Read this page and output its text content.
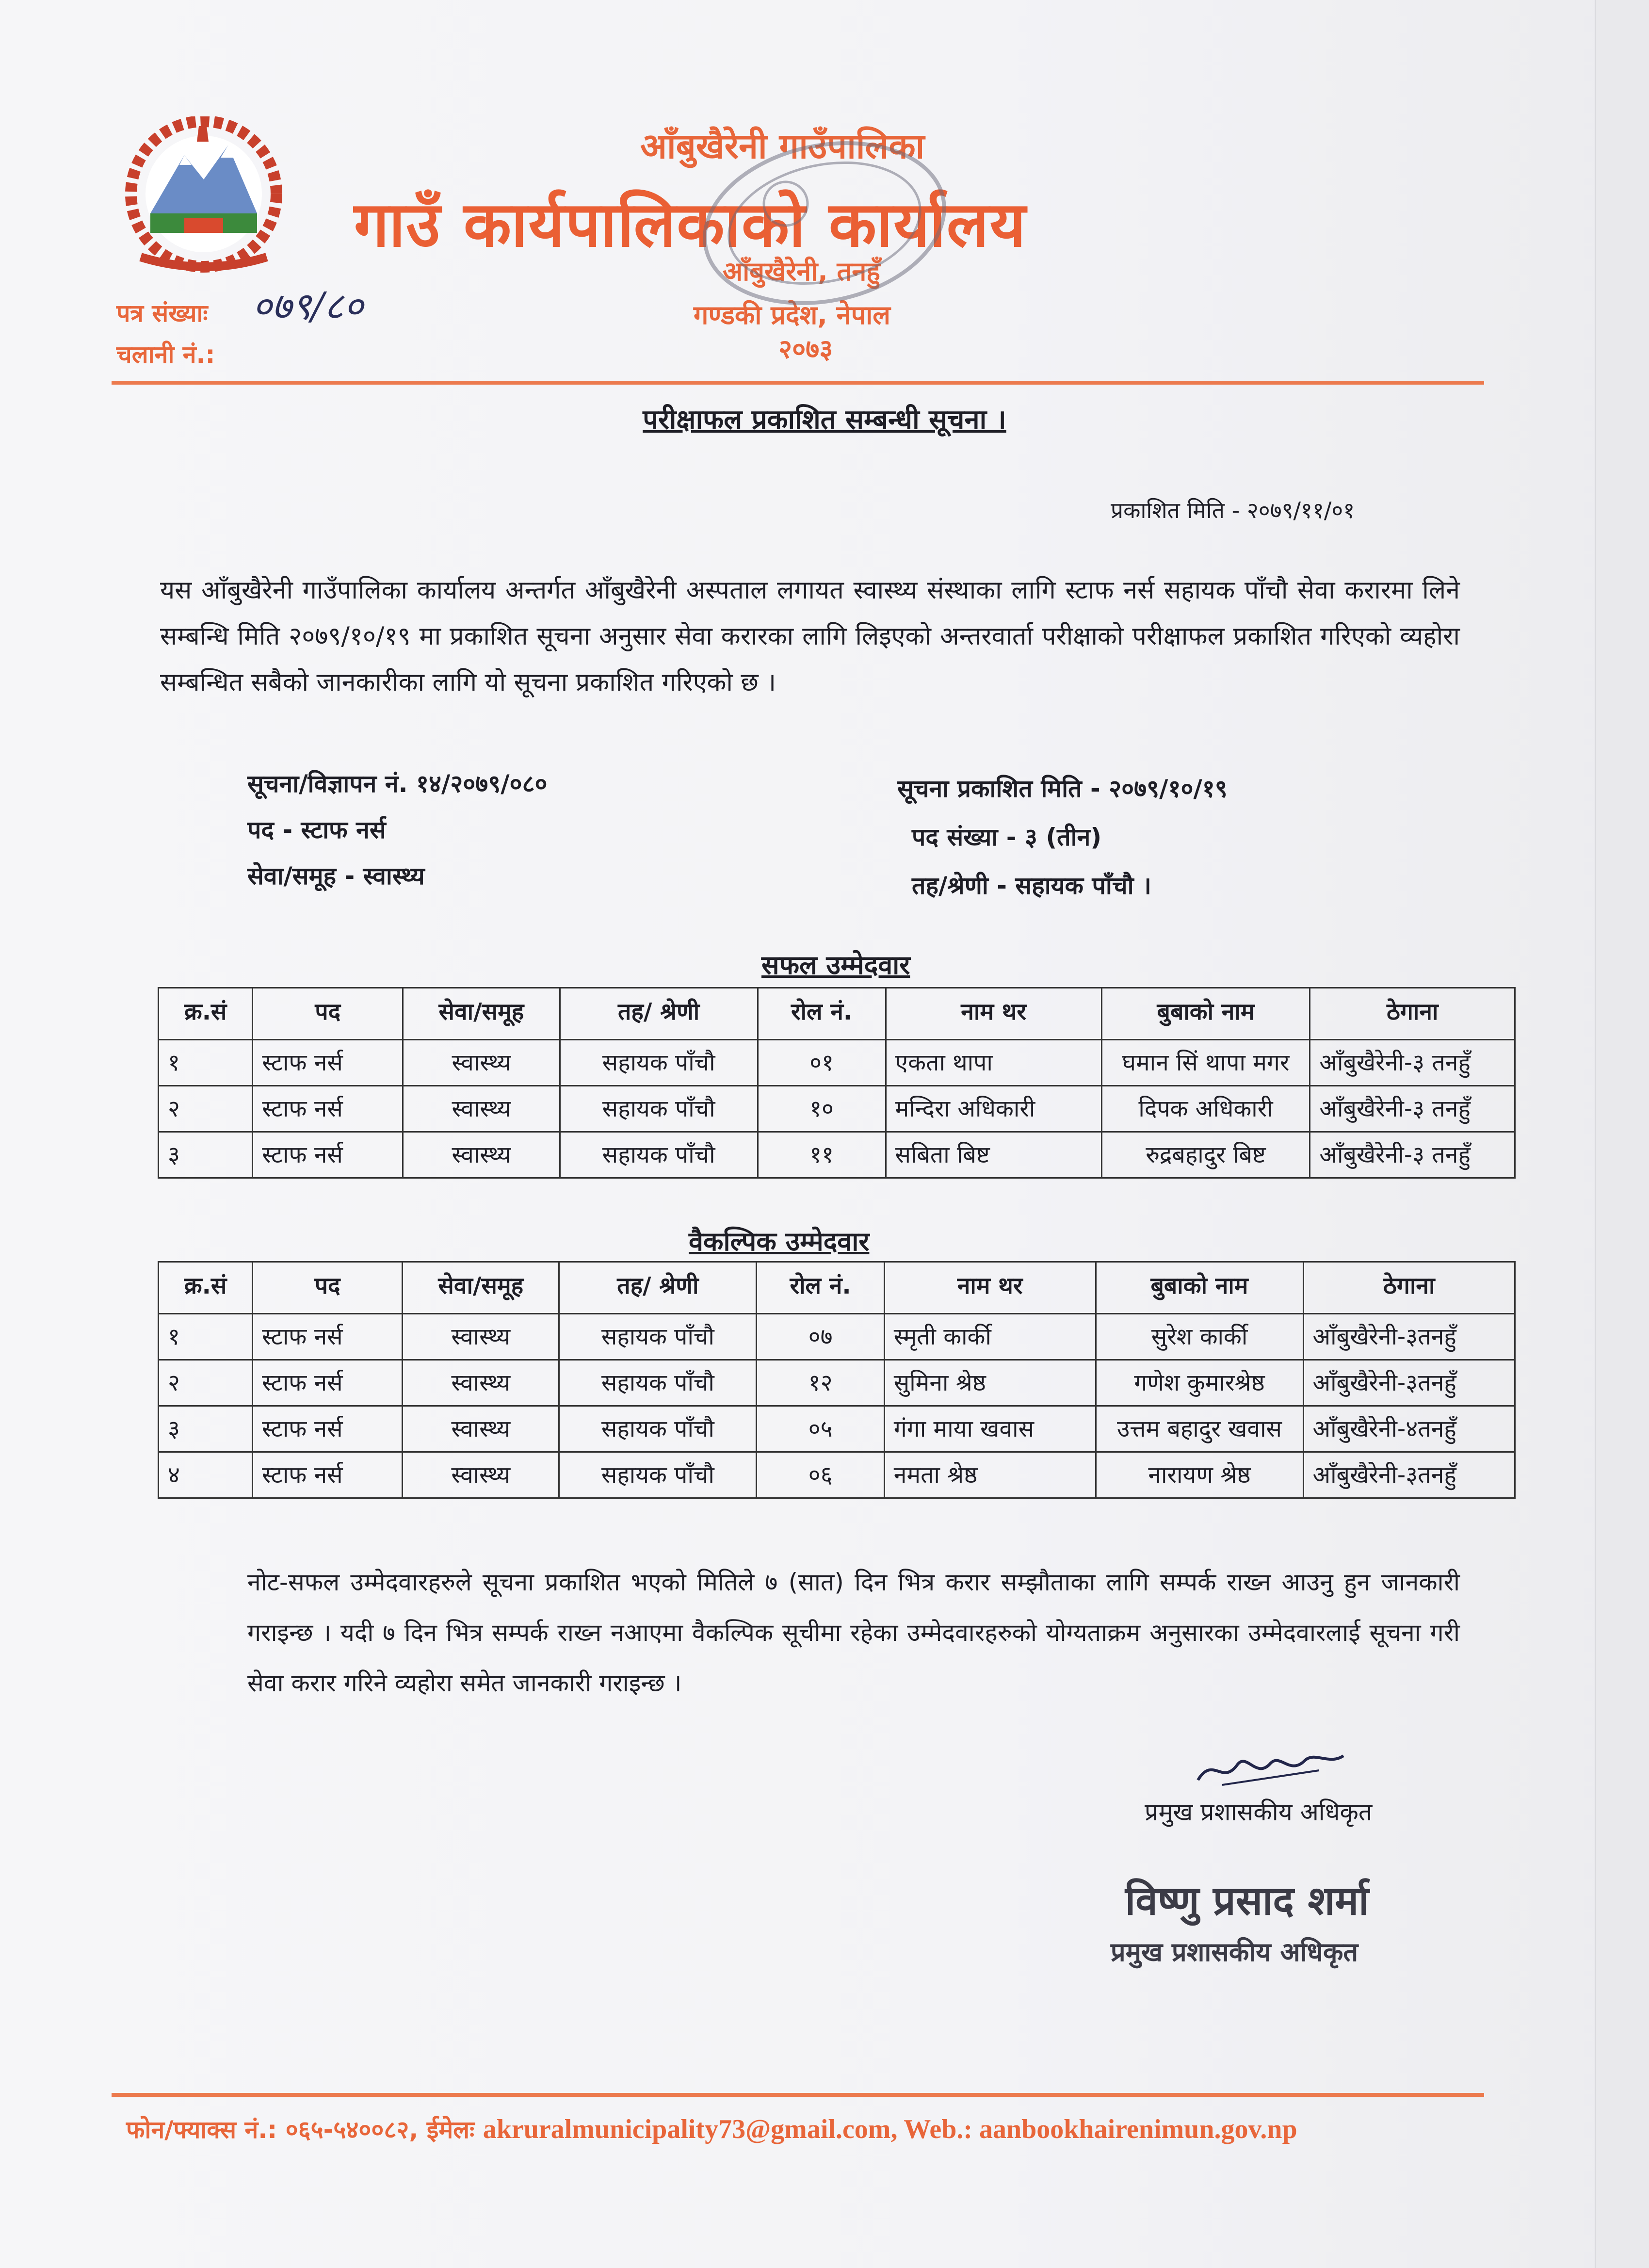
आँबुखैरेनी गाउँपालिका
गाउँ कार्यपालिकाको कार्यालय
आँबुखैरेनी, तनहुँ
गण्डकी प्रदेश, नेपाल
२०७३
पत्र संख्याः ०७९/८०
चलानी नं.:
परीक्षाफल प्रकाशित सम्बन्धी सूचना ।
प्रकाशित मिति - २०७९/११/०१
यस आँबुखैरेनी गाउँपालिका कार्यालय अन्तर्गत आँबुखैरेनी अस्पताल लगायत स्वास्थ्य संस्थाका लागि स्टाफ नर्स सहायक पाँचौ सेवा करारमा लिने सम्बन्धि मिति २०७९/१०/१९ मा प्रकाशित सूचना अनुसार सेवा करारका लागि लिइएको अन्तरवार्ता परीक्षाको परीक्षाफल प्रकाशित गरिएको व्यहोरा सम्बन्धित सबैको जानकारीका लागि यो सूचना प्रकाशित गरिएको छ ।
सूचना/विज्ञापन नं. १४/२०७९/०८०
पद - स्टाफ नर्स
सेवा/समूह - स्वास्थ्य
सूचना प्रकाशित मिति - २०७९/१०/१९
पद संख्या - ३ (तीन)
तह/श्रेणी - सहायक पाँचौ ।
सफल उम्मेदवार
क्र.सं	पद	सेवा/समूह	तह/ श्रेणी	रोल नं.	नाम थर	बुबाको नाम	ठेगाना
१	स्टाफ नर्स	स्वास्थ्य	सहायक पाँचौ	०१	एकता थापा	घमान सिं थापा मगर	आँबुखैरेनी-३ तनहुँ
२	स्टाफ नर्स	स्वास्थ्य	सहायक पाँचौ	१०	मन्दिरा अधिकारी	दिपक अधिकारी	आँबुखैरेनी-३ तनहुँ
३	स्टाफ नर्स	स्वास्थ्य	सहायक पाँचौ	११	सबिता बिष्ट	रुद्रबहादुर बिष्ट	आँबुखैरेनी-३ तनहुँ
वैकल्पिक उम्मेदवार
क्र.सं	पद	सेवा/समूह	तह/ श्रेणी	रोल नं.	नाम थर	बुबाको नाम	ठेगाना
१	स्टाफ नर्स	स्वास्थ्य	सहायक पाँचौ	०७	स्मृती कार्की	सुरेश कार्की	आँबुखैरेनी-३तनहुँ
२	स्टाफ नर्स	स्वास्थ्य	सहायक पाँचौ	१२	सुमिना श्रेष्ठ	गणेश कुमारश्रेष्ठ	आँबुखैरेनी-३तनहुँ
३	स्टाफ नर्स	स्वास्थ्य	सहायक पाँचौ	०५	गंगा माया खवास	उत्तम बहादुर खवास	आँबुखैरेनी-४तनहुँ
४	स्टाफ नर्स	स्वास्थ्य	सहायक पाँचौ	०६	नमता श्रेष्ठ	नारायण श्रेष्ठ	आँबुखैरेनी-३तनहुँ
नोट-सफल उम्मेदवारहरुले सूचना प्रकाशित भएको मितिले ७ (सात) दिन भित्र करार सम्झौताका लागि सम्पर्क राख्न आउनु हुन जानकारी गराइन्छ । यदी ७ दिन भित्र सम्पर्क राख्न नआएमा वैकल्पिक सूचीमा रहेका उम्मेदवारहरुको योग्यताक्रम अनुसारका उम्मेदवारलाई सूचना गरी सेवा करार गरिने व्यहोरा समेत जानकारी गराइन्छ ।
प्रमुख प्रशासकीय अधिकृत
विष्णु प्रसाद शर्मा
प्रमुख प्रशासकीय अधिकृत
फोन/फ्याक्स नं.: ०६५-५४००८२, ईमेलः akruralmunicipality73@gmail.com, Web.: aanbookhairenimun.gov.np
